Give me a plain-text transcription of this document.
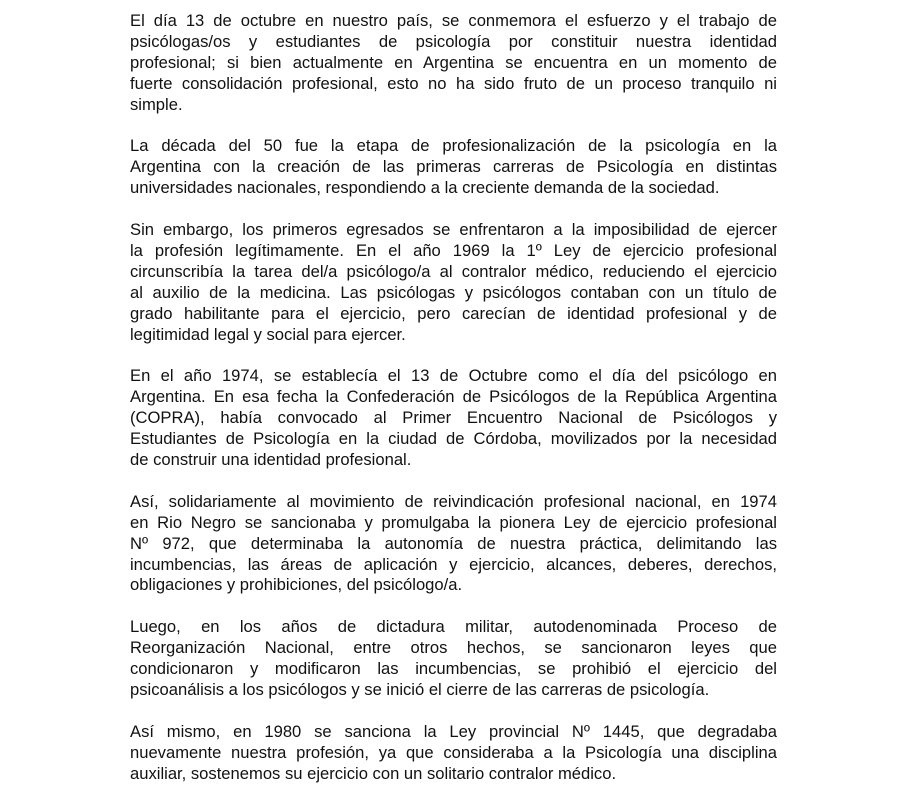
El día 13 de octubre en nuestro país, se conmemora el esfuerzo y el trabajo de
psicólogas/os y estudiantes de psicología por constituir nuestra identidad
profesional; si bien actualmente en Argentina se encuentra en un momento de
fuerte consolidación profesional, esto no ha sido fruto de un proceso tranquilo ni
simple.

La década del 50 fue la etapa de profesionalización de la psicología en la
Argentina con la creación de las primeras carreras de Psicología en distintas
universidades nacionales, respondiendo a la creciente demanda de la sociedad.

Sin embargo, los primeros egresados se enfrentaron a la imposibilidad de ejercer
la profesión legítimamente. En el año 1969 la 1º Ley de ejercicio profesional
circunscribía la tarea del/a psicólogo/a al contralor médico, reduciendo el ejercicio
al auxilio de la medicina. Las psicólogas y psicólogos contaban con un título de
grado habilitante para el ejercicio, pero carecían de identidad profesional y de
legitimidad legal y social para ejercer.

En el año 1974, se establecía el 13 de Octubre como el día del psicólogo en
Argentina. En esa fecha la Confederación de Psicólogos de la República Argentina
(COPRA), había convocado al Primer Encuentro Nacional de Psicólogos y
Estudiantes de Psicología en la ciudad de Córdoba, movilizados por la necesidad
de construir una identidad profesional.

Así, solidariamente al movimiento de reivindicación profesional nacional, en 1974
en Rio Negro se sancionaba y promulgaba la pionera Ley de ejercicio profesional
Nº 972, que determinaba la autonomía de nuestra práctica, delimitando las
incumbencias, las áreas de aplicación y ejercicio, alcances, deberes, derechos,
obligaciones y prohibiciones, del psicólogo/a.

Luego, en los años de dictadura militar, autodenominada Proceso de
Reorganización Nacional, entre otros hechos, se sancionaron leyes que
condicionaron y modificaron las incumbencias, se prohibió el ejercicio del
psicoanálisis a los psicólogos y se inició el cierre de las carreras de psicología.

Así mismo, en 1980 se sanciona la Ley provincial Nº 1445, que degradaba
nuevamente nuestra profesión, ya que consideraba a la Psicología una disciplina
auxiliar, sostenemos su ejercicio con un solitario contralor médico.
